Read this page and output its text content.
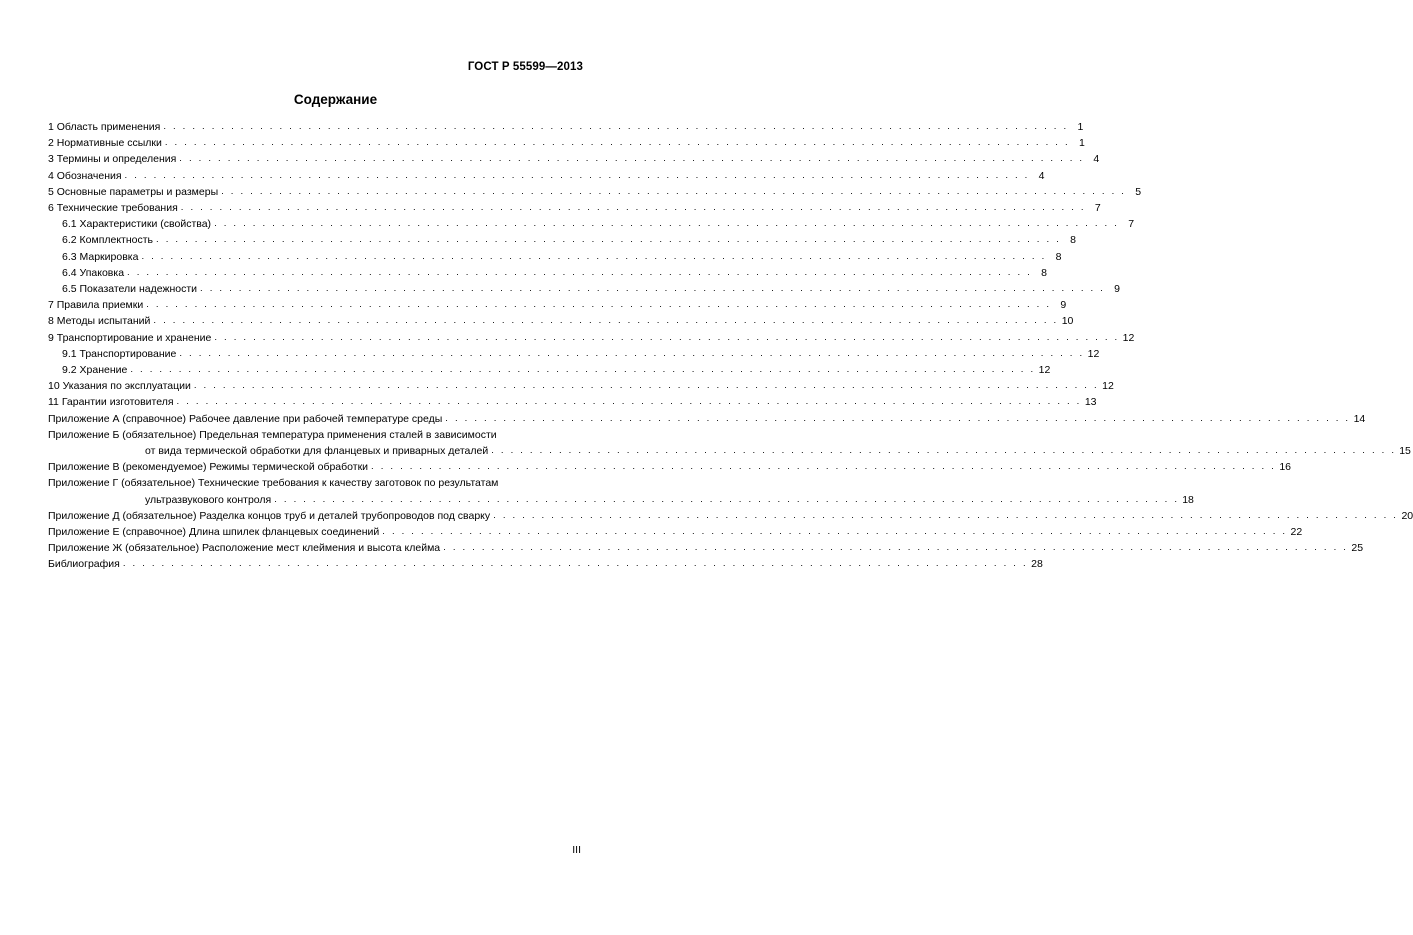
ГОСТ Р 55599—2013
Содержание
1 Область применения . . . . . . . . . . . . . . . . . . . . . . . . . . . . . . . . . . . . . . . . . . . . . . . . . . . . . . . . . . . . . . . . . . . . . . . . . . . . . . . . . . . . . . . . . . . . . . 1
2 Нормативные ссылки . . . . . . . . . . . . . . . . . . . . . . . . . . . . . . . . . . . . . . . . . . . . . . . . . . . . . . . . . . . . . . . . . . . . . . . . . . . . . . . . . . . . . . . . . . . . . . 1
3 Термины и определения . . . . . . . . . . . . . . . . . . . . . . . . . . . . . . . . . . . . . . . . . . . . . . . . . . . . . . . . . . . . . . . . . . . . . . . . . . . . . . . . . . . . . . . . . . . . . . 4
4 Обозначения . . . . . . . . . . . . . . . . . . . . . . . . . . . . . . . . . . . . . . . . . . . . . . . . . . . . . . . . . . . . . . . . . . . . . . . . . . . . . . . . . . . . . . . . . . . . . . 4
5 Основные параметры и размеры . . . . . . . . . . . . . . . . . . . . . . . . . . . . . . . . . . . . . . . . . . . . . . . . . . . . . . . . . . . . . . . . . . . . . . . . . . . . . . . . . . . . . . . . . . . . . . 5
6 Технические требования . . . . . . . . . . . . . . . . . . . . . . . . . . . . . . . . . . . . . . . . . . . . . . . . . . . . . . . . . . . . . . . . . . . . . . . . . . . . . . . . . . . . . . . . . . . . . . 7
6.1 Характеристики (свойства) . . . . . . . . . . . . . . . . . . . . . . . . . . . . . . . . . . . . . . . . . . . . . . . . . . . . . . . . . . . . . . . . . . . . . . . . . . . . . . . . . . . . . . . . . . . . . . 7
6.2 Комплектность . . . . . . . . . . . . . . . . . . . . . . . . . . . . . . . . . . . . . . . . . . . . . . . . . . . . . . . . . . . . . . . . . . . . . . . . . . . . . . . . . . . . . . . . . . . . . . 8
6.3 Маркировка . . . . . . . . . . . . . . . . . . . . . . . . . . . . . . . . . . . . . . . . . . . . . . . . . . . . . . . . . . . . . . . . . . . . . . . . . . . . . . . . . . . . . . . . . . . . . . 8
6.4 Упаковка . . . . . . . . . . . . . . . . . . . . . . . . . . . . . . . . . . . . . . . . . . . . . . . . . . . . . . . . . . . . . . . . . . . . . . . . . . . . . . . . . . . . . . . . . . . . . . 8
6.5 Показатели надежности . . . . . . . . . . . . . . . . . . . . . . . . . . . . . . . . . . . . . . . . . . . . . . . . . . . . . . . . . . . . . . . . . . . . . . . . . . . . . . . . . . . . . . . . . . . . . . 9
7 Правила приемки . . . . . . . . . . . . . . . . . . . . . . . . . . . . . . . . . . . . . . . . . . . . . . . . . . . . . . . . . . . . . . . . . . . . . . . . . . . . . . . . . . . . . . . . . . . . . . 9
8 Методы испытаний . . . . . . . . . . . . . . . . . . . . . . . . . . . . . . . . . . . . . . . . . . . . . . . . . . . . . . . . . . . . . . . . . . . . . . . . . . . . . . . . . . . . . . . . . . . . . . 10
9 Транспортирование и хранение . . . . . . . . . . . . . . . . . . . . . . . . . . . . . . . . . . . . . . . . . . . . . . . . . . . . . . . . . . . . . . . . . . . . . . . . . . . . . . . . . . . . . . . . . . . . . . 12
9.1 Транспортирование . . . . . . . . . . . . . . . . . . . . . . . . . . . . . . . . . . . . . . . . . . . . . . . . . . . . . . . . . . . . . . . . . . . . . . . . . . . . . . . . . . . . . . . . . . . . . . 12
9.2 Хранение . . . . . . . . . . . . . . . . . . . . . . . . . . . . . . . . . . . . . . . . . . . . . . . . . . . . . . . . . . . . . . . . . . . . . . . . . . . . . . . . . . . . . . . . . . . . . . 12
10 Указания по эксплуатации . . . . . . . . . . . . . . . . . . . . . . . . . . . . . . . . . . . . . . . . . . . . . . . . . . . . . . . . . . . . . . . . . . . . . . . . . . . . . . . . . . . . . . . . . . . . . . 12
11 Гарантии изготовителя . . . . . . . . . . . . . . . . . . . . . . . . . . . . . . . . . . . . . . . . . . . . . . . . . . . . . . . . . . . . . . . . . . . . . . . . . . . . . . . . . . . . . . . . . . . . . . 13
Приложение А (справочное) Рабочее давление при рабочей температуре среды . . . . . . . . . . . . . . . . . . . . . . . . . . . . . . . . . . . . . . . . . . . . . . . . . . . . . . . . . . . . . . . . . . . . . . . . . . . . . . . . . . . . . . . . . . . . . . 14
Приложение Б (обязательное) Предельная температура применения сталей в зависимости
от вида термической обработки для фланцевых и приварных деталей . . . . . . . . . . . . . . . . . . . . . . . . . . . . . . . . . . . . . . . . . . . . . . . . . . . . . . . . . . . . . . . . . . . . . . . . . . . . . . . . . . . . . . . . . . . . . . 15
Приложение В (рекомендуемое) Режимы термической обработки . . . . . . . . . . . . . . . . . . . . . . . . . . . . . . . . . . . . . . . . . . . . . . . . . . . . . . . . . . . . . . . . . . . . . . . . . . . . . . . . . . . . . . . . . . . . . . 16
Приложение Г (обязательное) Технические требования к качеству заготовок по результатам
ультразвукового контроля . . . . . . . . . . . . . . . . . . . . . . . . . . . . . . . . . . . . . . . . . . . . . . . . . . . . . . . . . . . . . . . . . . . . . . . . . . . . . . . . . . . . . . . . . . . . . . 18
Приложение Д (обязательное) Разделка концов труб и деталей трубопроводов под сварку . . . . . . . . . . . . . . . . . . . . . . . . . . . . . . . . . . . . . . . . . . . . . . . . . . . . . . . . . . . . . . . . . . . . . . . . . . . . . . . . . . . . . . . . . . . . . . 20
Приложение Е (справочное) Длина шпилек фланцевых соединений . . . . . . . . . . . . . . . . . . . . . . . . . . . . . . . . . . . . . . . . . . . . . . . . . . . . . . . . . . . . . . . . . . . . . . . . . . . . . . . . . . . . . . . . . . . . . . 22
Приложение Ж (обязательное) Расположение мест клеймения и высота клейма . . . . . . . . . . . . . . . . . . . . . . . . . . . . . . . . . . . . . . . . . . . . . . . . . . . . . . . . . . . . . . . . . . . . . . . . . . . . . . . . . . . . . . . . . . . . . . 25
Библиография . . . . . . . . . . . . . . . . . . . . . . . . . . . . . . . . . . . . . . . . . . . . . . . . . . . . . . . . . . . . . . . . . . . . . . . . . . . . . . . . . . . . . . . . . . . . . . 28
III
